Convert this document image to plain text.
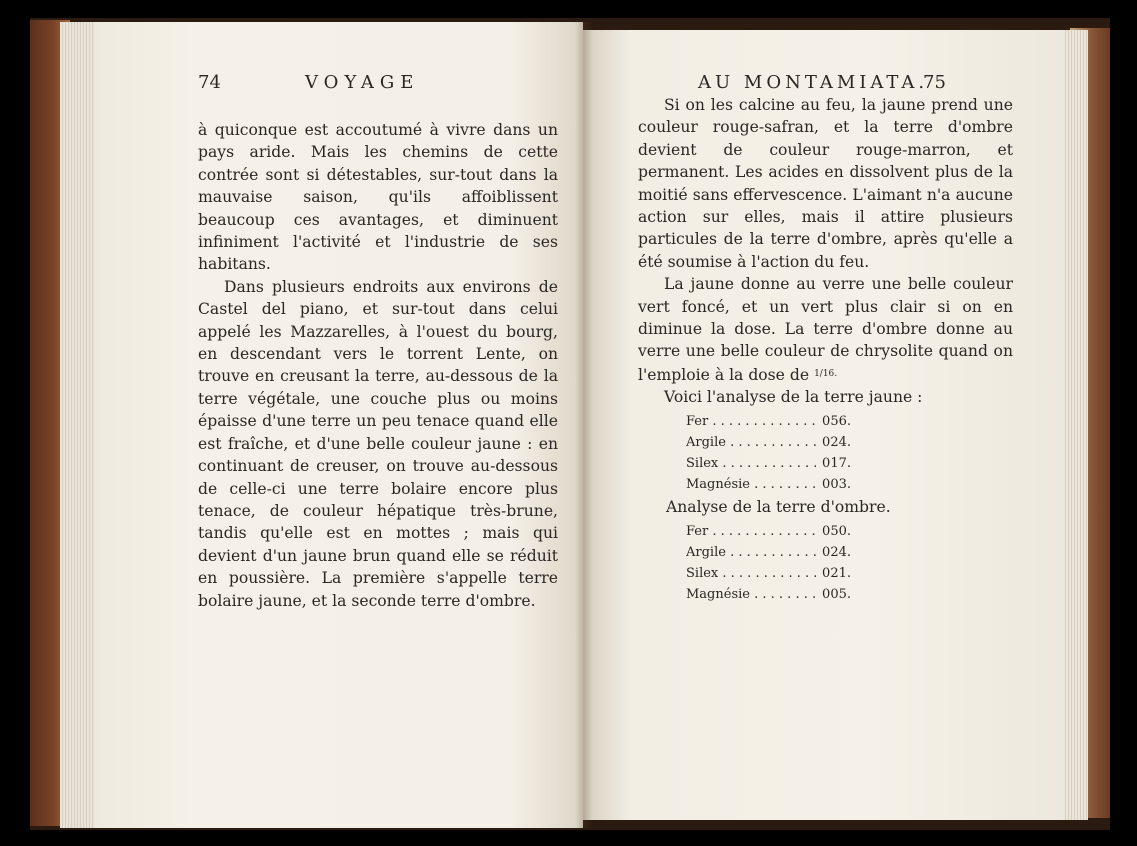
74	VOYAGE

à quiconque est accoutumé à vivre dans un pays aride. Mais les chemins de cette contrée sont si détestables, sur-tout dans la mauvaise saison, qu'ils affoiblissent beaucoup ces avantages, et diminuent infiniment l'activité et l'industrie de ses habitans.

Dans plusieurs endroits aux environs de Castel del piano, et sur-tout dans celui appelé les Mazzarelles, à l'ouest du bourg, en descendant vers le torrent Lente, on trouve en creusant la terre, au-dessous de la terre végétale, une couche plus ou moins épaisse d'une terre un peu tenace quand elle est fraîche, et d'une belle couleur jaune : en continuant de creuser, on trouve au-dessous de celle-ci une terre bolaire encore plus tenace, de couleur hépatique très-brune, tandis qu'elle est en mottes ; mais qui devient d'un jaune brun quand elle se réduit en poussière. La première s'appelle terre bolaire jaune, et la seconde terre d'ombre.

AU MONTAMIATA.
75

Si on les calcine au feu, la jaune prend une couleur rouge-safran, et la terre d'ombre devient de couleur rouge-marron, et permanent. Les acides en dissolvent plus de la moitié sans effervescence. L'aimant n'a aucune action sur elles, mais il attire plusieurs particules de la terre d'ombre, après qu'elle a été soumise à l'action du feu.

La jaune donne au verre une belle couleur vert foncé, et un vert plus clair si on en diminue la dose. La terre d'ombre donne au verre une belle couleur de chrysolite quand on l'emploie à la dose de $^{1/16.}$

Voici l'analyse de la terre jaune :

Fer . . .	056.
Argile . . .	024.
Silex . . .	017.
Magnésie . . .	003.

Analyse de la terre d'ombre.

Fer . . .	050.
Argile . . .	024.
Silex . . .	021.
Magnésie . . .	005.
